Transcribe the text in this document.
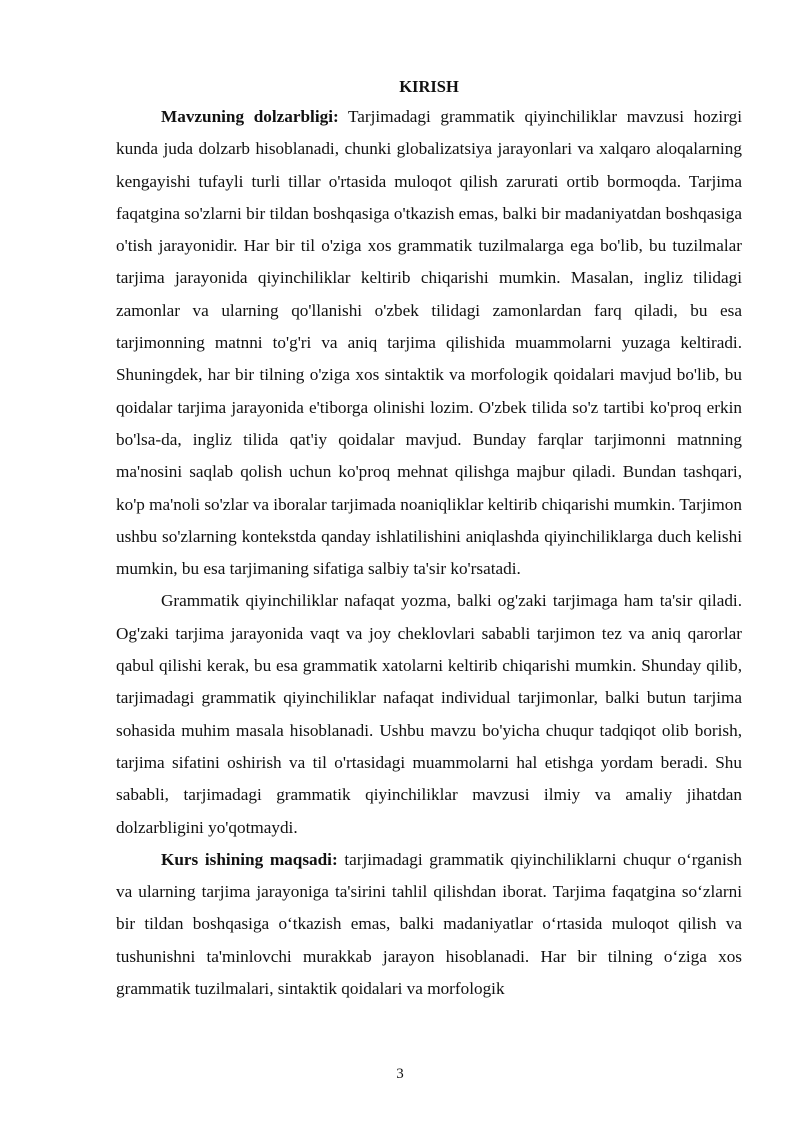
KIRISH

Mavzuning dolzarbligi: Tarjimadagi grammatik qiyinchiliklar mavzusi hozirgi kunda juda dolzarb hisoblanadi, chunki globalizatsiya jarayonlari va xalqaro aloqalarning kengayishi tufayli turli tillar o'rtasida muloqot qilish zarurati ortib bormoqda. Tarjima faqatgina so'zlarni bir tildan boshqasiga o'tkazish emas, balki bir madaniyatdan boshqasiga o'tish jarayonidir. Har bir til o'ziga xos grammatik tuzilmalarga ega bo'lib, bu tuzilmalar tarjima jarayonida qiyinchiliklar keltirib chiqarishi mumkin. Masalan, ingliz tilidagi zamonlar va ularning qo'llanishi o'zbek tilidagi zamonlardan farq qiladi, bu esa tarjimonning matnni to'g'ri va aniq tarjima qilishida muammolarni yuzaga keltiradi. Shuningdek, har bir tilning o'ziga xos sintaktik va morfologik qoidalari mavjud bo'lib, bu qoidalar tarjima jarayonida e'tiborga olinishi lozim. O'zbek tilida so'z tartibi ko'proq erkin bo'lsa-da, ingliz tilida qat'iy qoidalar mavjud. Bunday farqlar tarjimonni matnning ma'nosini saqlab qolish uchun ko'proq mehnat qilishga majbur qiladi. Bundan tashqari, ko'p ma'noli so'zlar va iboralar tarjimada noaniqliklar keltirib chiqarishi mumkin. Tarjimon ushbu so'zlarning kontekstda qanday ishlatilishini aniqlashda qiyinchiliklarga duch kelishi mumkin, bu esa tarjimaning sifatiga salbiy ta'sir ko'rsatadi.

Grammatik qiyinchiliklar nafaqat yozma, balki og'zaki tarjimaga ham ta'sir qiladi. Og'zaki tarjima jarayonida vaqt va joy cheklovlari sababli tarjimon tez va aniq qarorlar qabul qilishi kerak, bu esa grammatik xatolarni keltirib chiqarishi mumkin. Shunday qilib, tarjimadagi grammatik qiyinchiliklar nafaqat individual tarjimonlar, balki butun tarjima sohasida muhim masala hisoblanadi. Ushbu mavzu bo'yicha chuqur tadqiqot olib borish, tarjima sifatini oshirish va til o'rtasidagi muammolarni hal etishga yordam beradi. Shu sababli, tarjimadagi grammatik qiyinchiliklar mavzusi ilmiy va amaliy jihatdan dolzarbligini yo'qotmaydi.

Kurs ishining maqsadi: tarjimadagi grammatik qiyinchiliklarni chuqur o‘rganish va ularning tarjima jarayoniga ta'sirini tahlil qilishdan iborat. Tarjima faqatgina so‘zlarni bir tildan boshqasiga o‘tkazish emas, balki madaniyatlar o‘rtasida muloqot qilish va tushunishni ta'minlovchi murakkab jarayon hisoblanadi. Har bir tilning o‘ziga xos grammatik tuzilmalari, sintaktik qoidalari va morfologik

3
